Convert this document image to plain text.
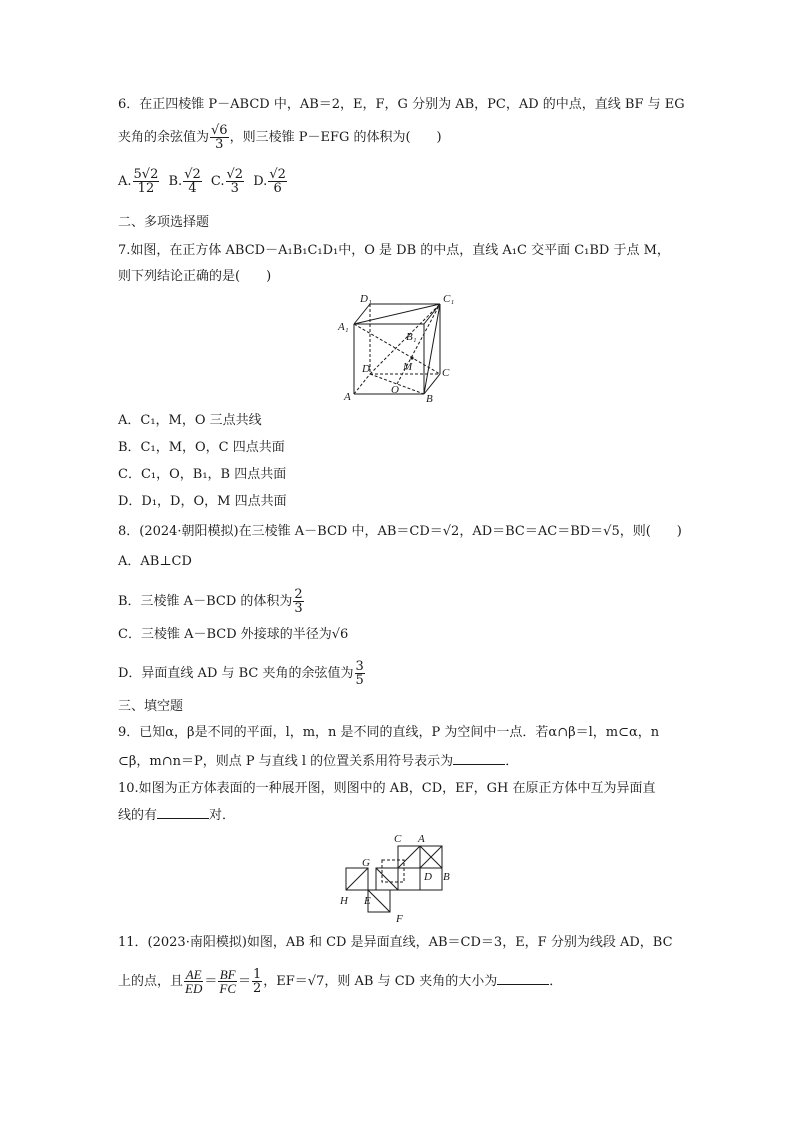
6．在正四棱锥 P－ABCD 中，AB＝2，E，F，G 分别为 AB，PC，AD 的中点，直线 BF 与 EG
夹角的余弦值为 $\frac{√6}{3}$ ，则三棱锥 P－EFG 的体积为(　　)
A. $\frac{5√2}{12} B$. $\frac{√2}{4} C$. $\frac{√2}{3} D$. $\frac{√2}{6}$
二、多项选择题
7.如图，在正方体 ABCD－A₁B₁C₁D₁中，O 是 DB 的中点，直线 A₁C 交平面 C₁BD 于点 M，
则下列结论正确的是(　　)
D₁	C₁
A₁
B₁
D	M	C
A
O
B
A．C₁，M，O 三点共线
B．C₁，M，O，C 四点共面
C．C₁，O，B₁，B 四点共面
D．D₁，D，O，M 四点共面
8．(2024·朝阳模拟)在三棱锥 A－BCD 中，AB＝CD＝√2，AD＝BC＝AC＝BD＝√5，则(　　)
A．AB⊥CD
B．三棱锥 A－BCD 的体积为 $\frac{2}{3}$
C．三棱锥 A－BCD 外接球的半径为√6
D．异面直线 AD 与 BC 夹角的余弦值为 $\frac{3}{5}$
三、填空题
9．已知α，β是不同的平面，l，m，n 是不同的直线，P 为空间中一点．若α∩β＝l，m⊂α，n
⊂β，m∩n＝P，则点 P 与直线 l 的位置关系用符号表示为	．
10.如图为正方体表面的一种展开图，则图中的 AB，CD，EF，GH 在原正方体中互为异面直
线的有	对．
C A
G
D B
H E
F
11．(2023·南阳模拟)如图，AB 和 CD 是异面直线，AB＝CD＝3，E，F 分别为线段 AD，BC
上的点，且 $\frac{AE}{ED} = \frac{BF}{FC} = \frac{1}{2}$ ，EF＝√7，则 AB 与 CD 夹角的大小为	．
